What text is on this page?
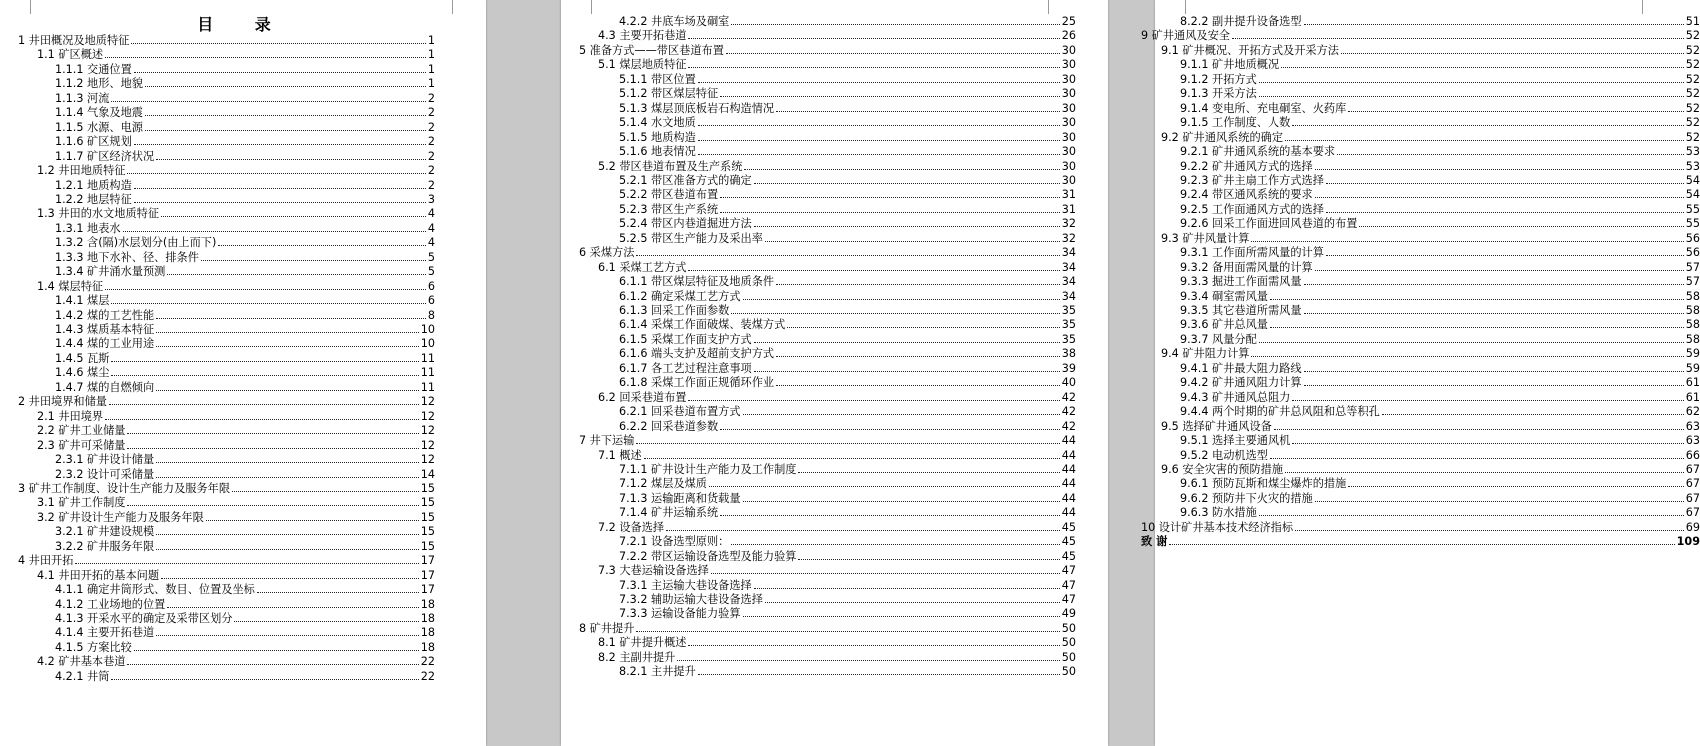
目 录
1 井田概况及地质特征	1
1.1 矿区概述	1
1.1.1 交通位置	1
1.1.2 地形、地貌	1
1.1.3 河流	2
1.1.4 气象及地震	2
1.1.5 水源、电源	2
1.1.6 矿区规划	2
1.1.7 矿区经济状况	2
1.2 井田地质特征	2
1.2.1 地质构造	2
1.2.2 地层特征	3
1.3 井田的水文地质特征	4
1.3.1 地表水	4
1.3.2 含(隔)水层划分(由上而下)	4
1.3.3 地下水补、径、排条件	5
1.3.4 矿井涌水量预测	5
1.4 煤层特征	6
1.4.1 煤层	6
1.4.2 煤的工艺性能	8
1.4.3 煤质基本特征	10
1.4.4 煤的工业用途	10
1.4.5 瓦斯	11
1.4.6 煤尘	11
1.4.7 煤的自燃倾向	11
2 井田境界和储量	12
2.1 井田境界	12
2.2 矿井工业储量	12
2.3 矿井可采储量	12
2.3.1 矿井设计储量	12
2.3.2 设计可采储量	14
3 矿井工作制度、设计生产能力及服务年限	15
3.1 矿井工作制度	15
3.2 矿井设计生产能力及服务年限	15
3.2.1 矿井建设规模	15
3.2.2 矿井服务年限	15
4 井田开拓	17
4.1 井田开拓的基本问题	17
4.1.1 确定井筒形式、数目、位置及坐标	17
4.1.2 工业场地的位置	18
4.1.3 开采水平的确定及采带区划分	18
4.1.4 主要开拓巷道	18
4.1.5 方案比较	18
4.2 矿井基本巷道	22
4.2.1 井筒	22
4.2.2 井底车场及硐室	25
4.3 主要开拓巷道	26
5 准备方式——带区巷道布置	30
5.1 煤层地质特征	30
5.1.1 带区位置	30
5.1.2 带区煤层特征	30
5.1.3 煤层顶底板岩石构造情况	30
5.1.4 水文地质	30
5.1.5 地质构造	30
5.1.6 地表情况	30
5.2 带区巷道布置及生产系统	30
5.2.1 带区准备方式的确定	30
5.2.2 带区巷道布置	31
5.2.3 带区生产系统	31
5.2.4 带区内巷道掘进方法	32
5.2.5 带区生产能力及采出率	32
6 采煤方法	34
6.1 采煤工艺方式	34
6.1.1 带区煤层特征及地质条件	34
6.1.2 确定采煤工艺方式	34
6.1.3 回采工作面参数	35
6.1.4 采煤工作面破煤、装煤方式	35
6.1.5 采煤工作面支护方式	35
6.1.6 端头支护及超前支护方式	38
6.1.7 各工艺过程注意事项	39
6.1.8 采煤工作面正规循环作业	40
6.2 回采巷道布置	42
6.2.1 回采巷道布置方式	42
6.2.2 回采巷道参数	42
7 井下运输	44
7.1 概述	44
7.1.1 矿井设计生产能力及工作制度	44
7.1.2 煤层及煤质	44
7.1.3 运输距离和货载量	44
7.1.4 矿井运输系统	44
7.2 设备选择	45
7.2.1 设备选型原则：	45
7.2.2 带区运输设备选型及能力验算	45
7.3 大巷运输设备选择	47
7.3.1 主运输大巷设备选择	47
7.3.2 辅助运输大巷设备选择	47
7.3.3 运输设备能力验算	49
8 矿井提升	50
8.1 矿井提升概述	50
8.2 主副井提升	50
8.2.1 主井提升	50
8.2.2 副井提升设备选型	51
9 矿井通风及安全	52
9.1 矿井概况、开拓方式及开采方法	52
9.1.1 矿井地质概况	52
9.1.2 开拓方式	52
9.1.3 开采方法	52
9.1.4 变电所、充电硐室、火药库	52
9.1.5 工作制度、人数	52
9.2 矿井通风系统的确定	52
9.2.1 矿井通风系统的基本要求	53
9.2.2 矿井通风方式的选择	53
9.2.3 矿井主扇工作方式选择	54
9.2.4 带区通风系统的要求	54
9.2.5 工作面通风方式的选择	55
9.2.6 回采工作面进回风巷道的布置	55
9.3 矿井风量计算	56
9.3.1 工作面所需风量的计算	56
9.3.2 备用面需风量的计算	57
9.3.3 掘进工作面需风量	57
9.3.4 硐室需风量	58
9.3.5 其它巷道所需风量	58
9.3.6 矿井总风量	58
9.3.7 风量分配	58
9.4 矿井阻力计算	59
9.4.1 矿井最大阻力路线	59
9.4.2 矿井通风阻力计算	61
9.4.3 矿井通风总阻力	61
9.4.4 两个时期的矿井总风阻和总等积孔	62
9.5 选择矿井通风设备	63
9.5.1 选择主要通风机	63
9.5.2 电动机选型	66
9.6 安全灾害的预防措施	67
9.6.1 预防瓦斯和煤尘爆炸的措施	67
9.6.2 预防井下火灾的措施	67
9.6.3 防水措施	67
10 设计矿井基本技术经济指标	69
致 谢	109
